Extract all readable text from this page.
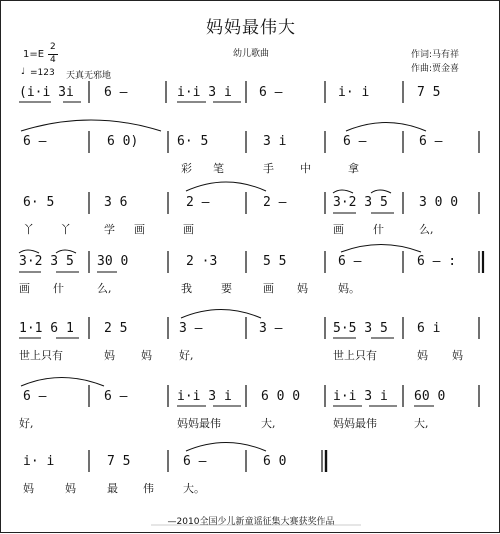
妈妈最伟大
幼儿歌曲	作词:马有祥
作曲:贾金喜
1=E
2
4
♩ =123 天真无邪地
(i·i 3i 6 –	i·i 3 i 6 –	i· i	7 5
6 –	6 0)	6· 5	3 i	6 –	6 –
彩 笔	手 中	拿
6· 5	3 6	2 –	2 –	3·2 3 5 3 0 0
丫 丫	学 画	画	画	什	么,
3·2 3 5 30 0	2 ·3	5 5	6 –	6 – :
画 什	么,	我	要	画 妈	妈。
1·1 6 1 2 5	3 –	3 –	5·5 3 5 6 i
世上只有	妈 妈 好,	世上只有	妈 妈
6 –	6 –	i·i 3 i 6 0 0	i·i 3 i 60 0
好,	妈妈最伟	大,	妈妈最伟	大,
i· i	7 5	6 –	6 0
妈	妈	最 伟	大。
—2010全国少儿新童谣征集大赛获奖作品
